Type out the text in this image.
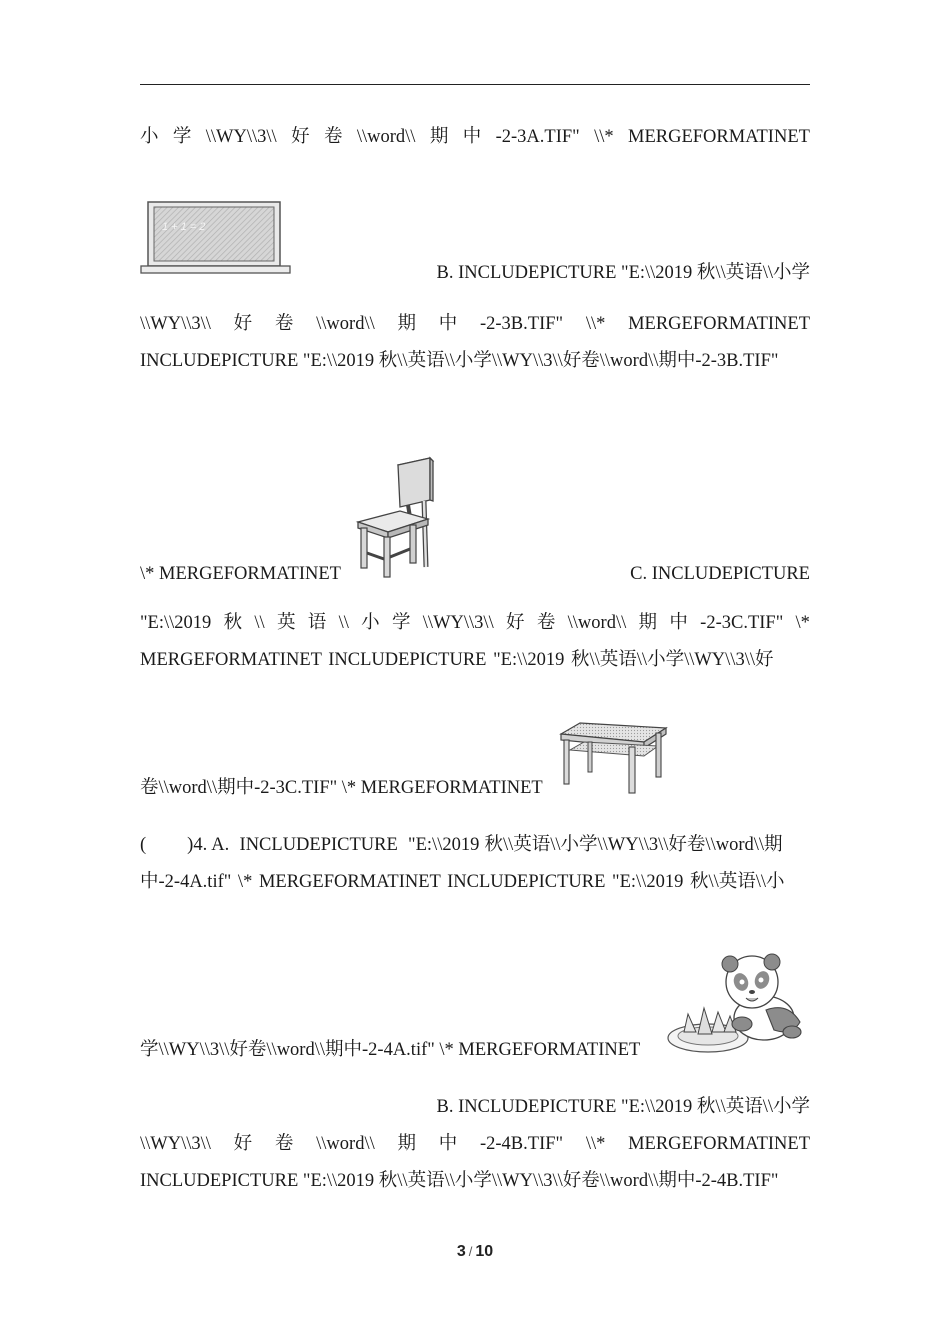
小 学 \\WY\\3\\ 好 卷 \\word\\ 期 中 -2-3A.TIF" \\* MERGEFORMATINET
1 + 1 = 2
B. INCLUDEPICTURE "E:\\2019 秋\\英语\\小学
\\WY\\3\\ 好 卷 \\word\\ 期 中 -2-3B.TIF" \\* MERGEFORMATINET
INCLUDEPICTURE "E:\\2019 秋\\英语\\小学\\WY\\3\\好卷\\word\\期中-2-3B.TIF"
\* MERGEFORMATINET	C. INCLUDEPICTURE
"E:\\2019 秋 \\ 英 语 \\ 小 学 \\WY\\3\\ 好 卷 \\word\\ 期 中 -2-3C.TIF" \*
MERGEFORMATINET INCLUDEPICTURE "E:\\2019 秋\\英语\\小学\\WY\\3\\好
卷\\word\\期中-2-3C.TIF" \* MERGEFORMATINET
(        )4. A.  INCLUDEPICTURE  "E:\\2019 秋\\英语\\小学\\WY\\3\\好卷\\word\\期
中-2-4A.tif" \* MERGEFORMATINET INCLUDEPICTURE "E:\\2019 秋\\英语\\小
学\\WY\\3\\好卷\\word\\期中-2-4A.tif" \* MERGEFORMATINET
B. INCLUDEPICTURE "E:\\2019 秋\\英语\\小学
\\WY\\3\\ 好 卷 \\word\\ 期 中 -2-4B.TIF" \\* MERGEFORMATINET
INCLUDEPICTURE "E:\\2019 秋\\英语\\小学\\WY\\3\\好卷\\word\\期中-2-4B.TIF"
3 / 10
